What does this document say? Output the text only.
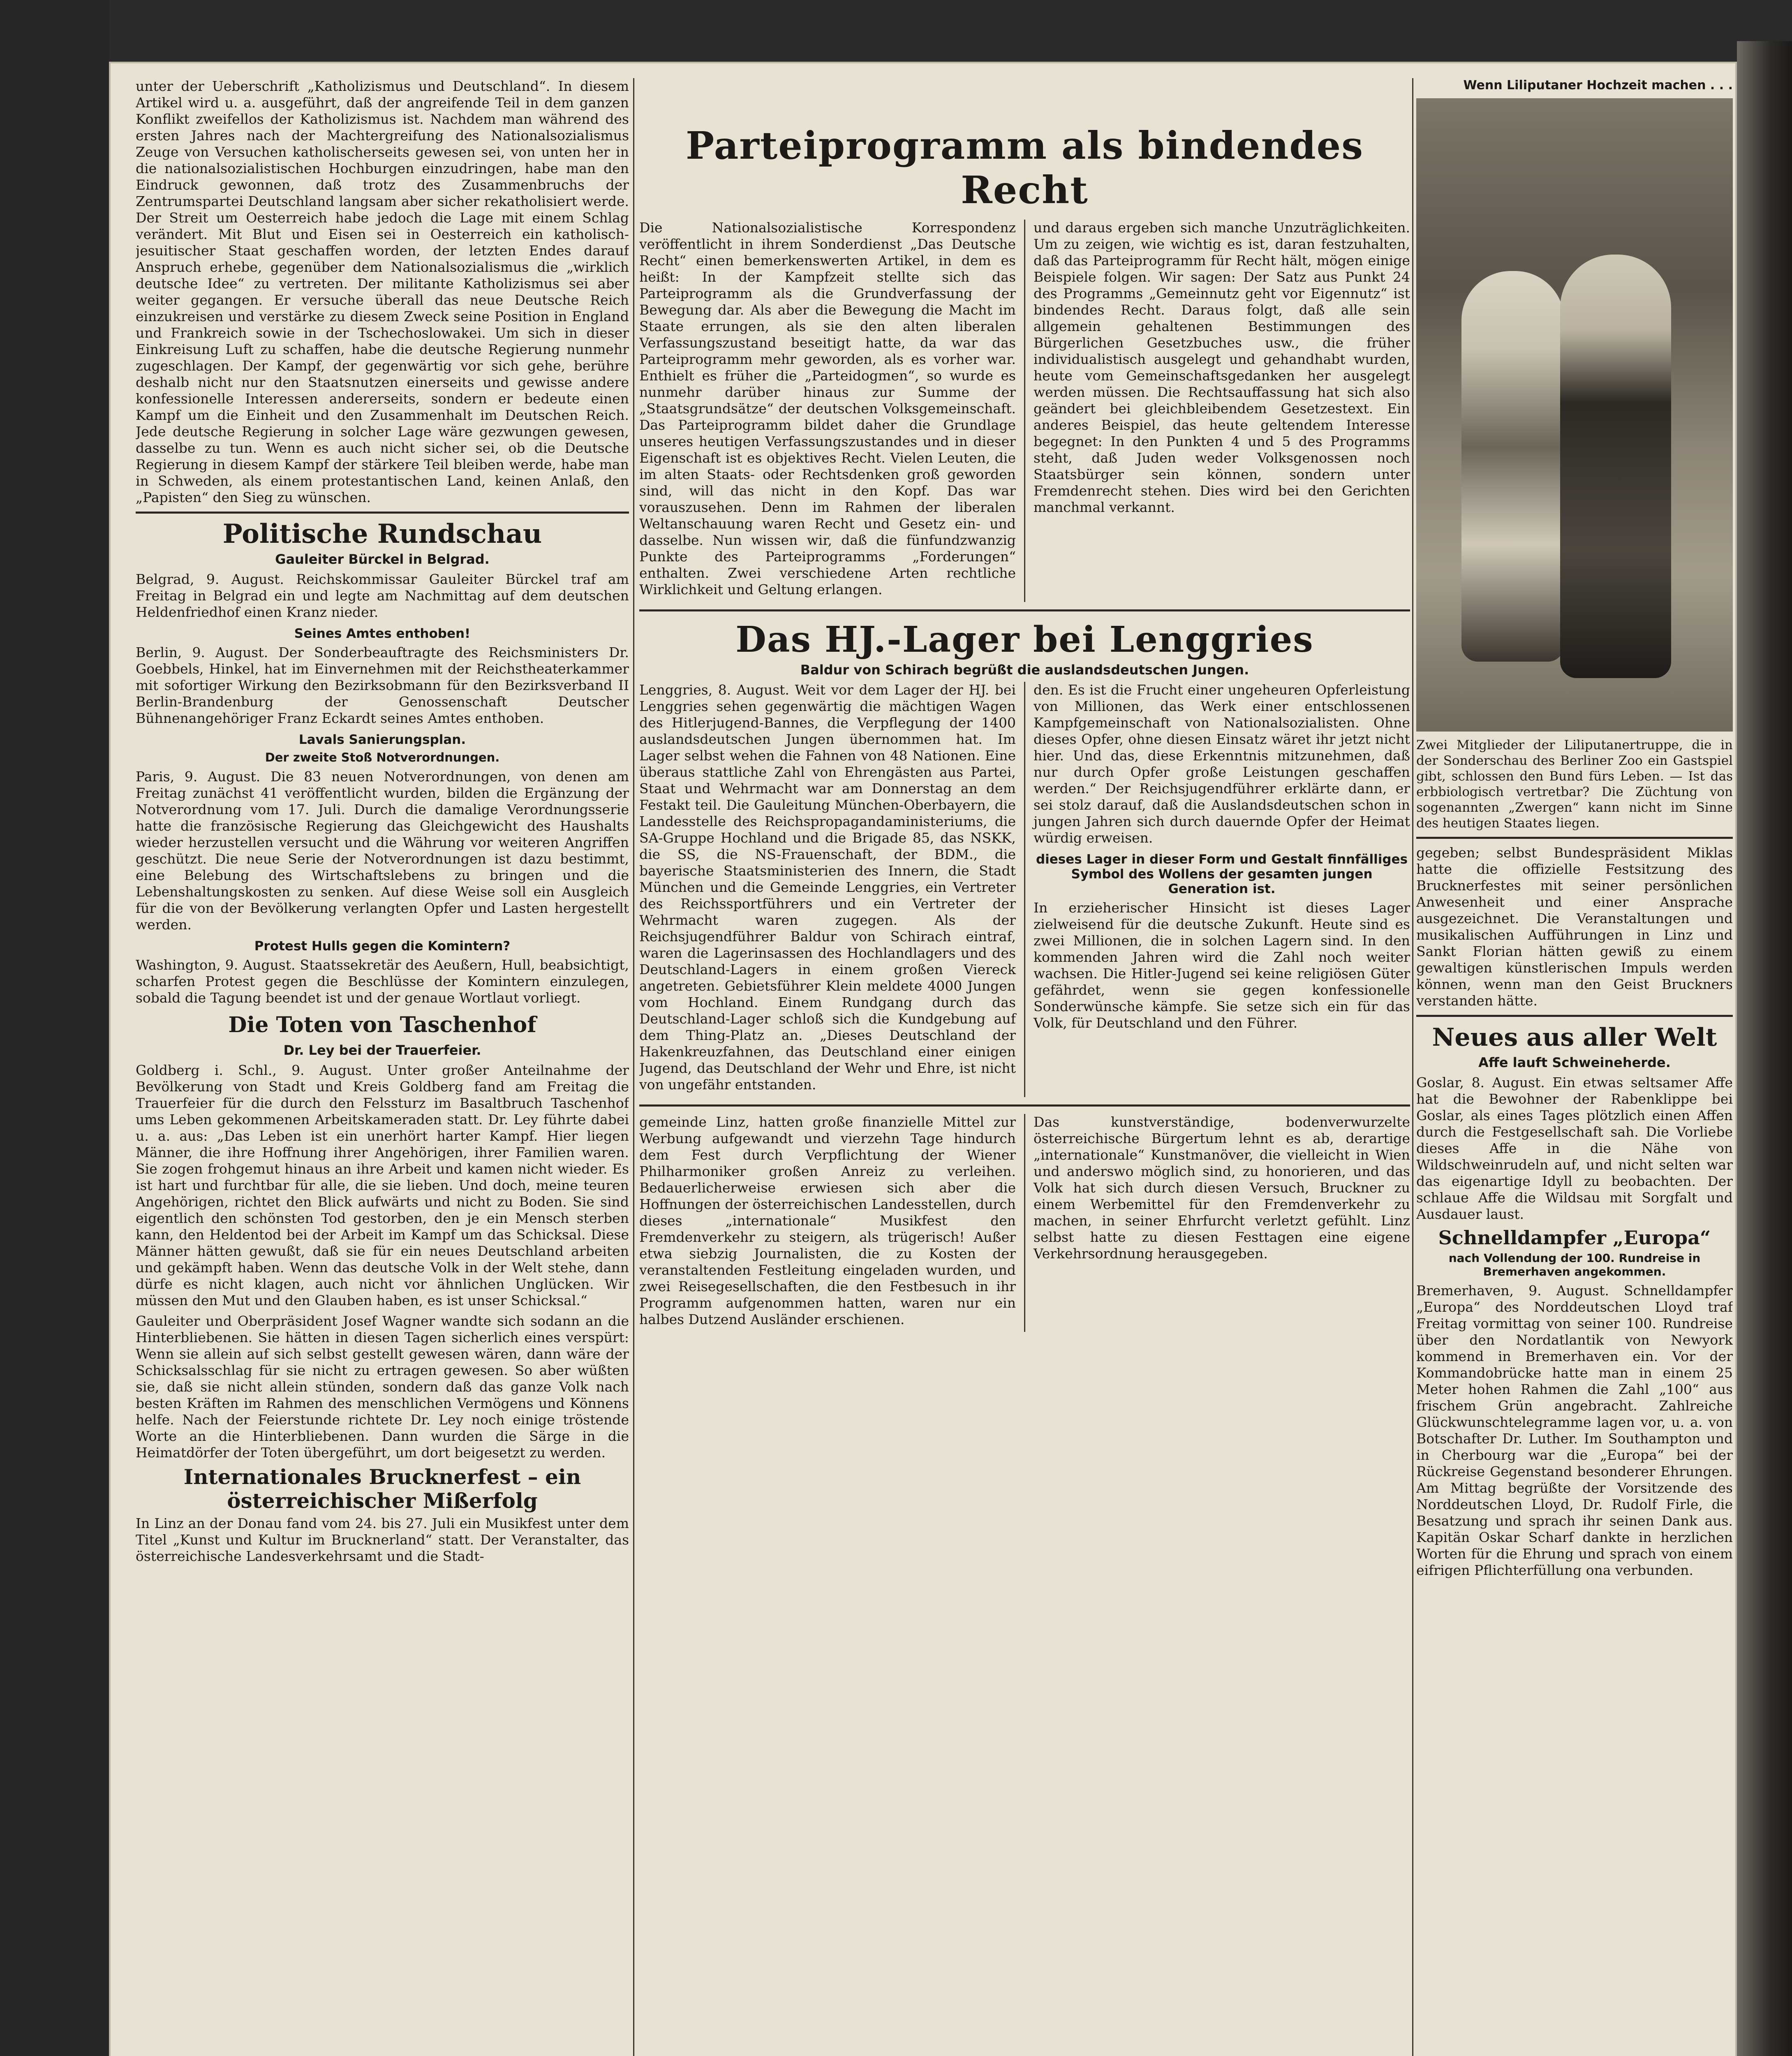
unter der Ueberschrift „Katholizismus und Deutschland“. In diesem Artikel wird u. a. ausgeführt, daß der angreifende Teil in dem ganzen Konflikt zweifellos der Katholizismus ist. Nachdem man während des ersten Jahres nach der Machtergreifung des Nationalsozialismus Zeuge von Versuchen katholischerseits gewesen sei, von unten her in die nationalsozialistischen Hochburgen einzudringen, habe man den Eindruck gewonnen, daß trotz des Zusammenbruchs der Zentrumspartei Deutschland langsam aber sicher rekatholisiert werde. Der Streit um Oesterreich habe jedoch die Lage mit einem Schlag verändert. Mit Blut und Eisen sei in Oesterreich ein katholisch-jesuitischer Staat geschaffen worden, der letzten Endes darauf Anspruch erhebe, gegenüber dem Nationalsozialismus die „wirklich deutsche Idee“ zu vertreten. Der militante Katholizismus sei aber weiter gegangen. Er versuche überall das neue Deutsche Reich einzukreisen und verstärke zu diesem Zweck seine Position in England und Frankreich sowie in der Tschechoslowakei. Um sich in dieser Einkreisung Luft zu schaffen, habe die deutsche Regierung nunmehr zugeschlagen. Der Kampf, der gegenwärtig vor sich gehe, berühre deshalb nicht nur den Staatsnutzen einerseits und gewisse andere konfessionelle Interessen andererseits, sondern er bedeute einen Kampf um die Einheit und den Zusammenhalt im Deutschen Reich. Jede deutsche Regierung in solcher Lage wäre gezwungen gewesen, dasselbe zu tun. Wenn es auch nicht sicher sei, ob die Deutsche Regierung in diesem Kampf der stärkere Teil bleiben werde, habe man in Schweden, als einem protestantischen Land, keinen Anlaß, den „Papisten“ den Sieg zu wünschen.

Politische Rundschau
Gauleiter Bürckel in Belgrad.

Belgrad, 9. August. Reichskommissar Gauleiter Bürckel traf am Freitag in Belgrad ein und legte am Nachmittag auf dem deutschen Heldenfriedhof einen Kranz nieder.

Seines Amtes enthoben!

Berlin, 9. August. Der Sonderbeauftragte des Reichsministers Dr. Goebbels, Hinkel, hat im Einvernehmen mit der Reichstheaterkammer mit sofortiger Wirkung den Bezirksobmann für den Bezirksverband II Berlin-Brandenburg der Genossenschaft Deutscher Bühnenangehöriger Franz Eckardt seines Amtes enthoben.

Lavals Sanierungsplan.
Der zweite Stoß Notverordnungen.

Paris, 9. August. Die 83 neuen Notverordnungen, von denen am Freitag zunächst 41 veröffentlicht wurden, bilden die Ergänzung der Notverordnung vom 17. Juli. Durch die damalige Verordnungsserie hatte die französische Regierung das Gleichgewicht des Haushalts wieder herzustellen versucht und die Währung vor weiteren Angriffen geschützt. Die neue Serie der Notverordnungen ist dazu bestimmt, eine Belebung des Wirtschaftslebens zu bringen und die Lebenshaltungskosten zu senken. Auf diese Weise soll ein Ausgleich für die von der Bevölkerung verlangten Opfer und Lasten hergestellt werden.

Protest Hulls gegen die Komintern?

Washington, 9. August. Staatssekretär des Aeußern, Hull, beabsichtigt, scharfen Protest gegen die Beschlüsse der Komintern einzulegen, sobald die Tagung beendet ist und der genaue Wortlaut vorliegt.

Die Toten von Taschenhof
Dr. Ley bei der Trauerfeier.

Goldberg i. Schl., 9. August. Unter großer Anteilnahme der Bevölkerung von Stadt und Kreis Goldberg fand am Freitag die Trauerfeier für die durch den Felssturz im Basaltbruch Taschenhof ums Leben gekommenen Arbeitskameraden statt. Dr. Ley führte dabei u. a. aus: „Das Leben ist ein unerhört harter Kampf. Hier liegen Männer, die ihre Hoffnung ihrer Angehörigen, ihrer Familien waren. Sie zogen frohgemut hinaus an ihre Arbeit und kamen nicht wieder. Es ist hart und furchtbar für alle, die sie lieben. Und doch, meine teuren Angehörigen, richtet den Blick aufwärts und nicht zu Boden. Sie sind eigentlich den schönsten Tod gestorben, den je ein Mensch sterben kann, den Heldentod bei der Arbeit im Kampf um das Schicksal. Diese Männer hätten gewußt, daß sie für ein neues Deutschland arbeiten und gekämpft haben. Wenn das deutsche Volk in der Welt stehe, dann dürfe es nicht klagen, auch nicht vor ähnlichen Unglücken. Wir müssen den Mut und den Glauben haben, es ist unser Schicksal.“

Gauleiter und Oberpräsident Josef Wagner wandte sich sodann an die Hinterbliebenen. Sie hätten in diesen Tagen sicherlich eines verspürt: Wenn sie allein auf sich selbst gestellt gewesen wären, dann wäre der Schicksalsschlag für sie nicht zu ertragen gewesen. So aber wüßten sie, daß sie nicht allein stünden, sondern daß das ganze Volk nach besten Kräften im Rahmen des menschlichen Vermögens und Könnens helfe. Nach der Feierstunde richtete Dr. Ley noch einige tröstende Worte an die Hinterbliebenen. Dann wurden die Särge in die Heimatdörfer der Toten übergeführt, um dort beigesetzt zu werden.

Internationales Brucknerfest – ein österreichischer Mißerfolg

In Linz an der Donau fand vom 24. bis 27. Juli ein Musikfest unter dem Titel „Kunst und Kultur im Brucknerland“ statt. Der Veranstalter, das österreichische Landesverkehrsamt und die Stadt-

Parteiprogramm als bindendes Recht

Die Nationalsozialistische Korrespondenz veröffentlicht in ihrem Sonderdienst „Das Deutsche Recht“ einen bemerkenswerten Artikel, in dem es heißt: In der Kampfzeit stellte sich das Parteiprogramm als die Grundverfassung der Bewegung dar. Als aber die Bewegung die Macht im Staate errungen, als sie den alten liberalen Verfassungszustand beseitigt hatte, da war das Parteiprogramm mehr geworden, als es vorher war. Enthielt es früher die „Parteidogmen“, so wurde es nunmehr darüber hinaus zur Summe der „Staatsgrundsätze“ der deutschen Volksgemeinschaft. Das Parteiprogramm bildet daher die Grundlage unseres heutigen Verfassungszustandes und in dieser Eigenschaft ist es objektives Recht. Vielen Leuten, die im alten Staats- oder Rechtsdenken groß geworden sind, will das nicht in den Kopf. Das war vorauszusehen. Denn im Rahmen der liberalen Weltanschauung waren Recht und Gesetz ein- und dasselbe. Nun wissen wir, daß die fünfundzwanzig Punkte des Parteiprogramms „Forderungen“ enthalten. Zwei verschiedene Arten rechtliche Wirklichkeit und Geltung erlangen.

und daraus ergeben sich manche Unzuträglichkeiten. Um zu zeigen, wie wichtig es ist, daran festzuhalten, daß das Parteiprogramm für Recht hält, mögen einige Beispiele folgen. Wir sagen: Der Satz aus Punkt 24 des Programms „Gemeinnutz geht vor Eigennutz“ ist bindendes Recht. Daraus folgt, daß alle sein allgemein gehaltenen Bestimmungen des Bürgerlichen Gesetzbuches usw., die früher individualistisch ausgelegt und gehandhabt wurden, heute vom Gemeinschaftsgedanken her ausgelegt werden müssen. Die Rechtsauffassung hat sich also geändert bei gleichbleibendem Gesetzestext. Ein anderes Beispiel, das heute geltendem Interesse begegnet: In den Punkten 4 und 5 des Programms steht, daß Juden weder Volksgenossen noch Staatsbürger sein können, sondern unter Fremdenrecht stehen. Dies wird bei den Gerichten manchmal verkannt.

Das HJ.-Lager bei Lenggries
Baldur von Schirach begrüßt die auslandsdeutschen Jungen.

Lenggries, 8. August. Weit vor dem Lager der HJ. bei Lenggries sehen gegenwärtig die mächtigen Wagen des Hitlerjugend-Bannes, die Verpflegung der 1400 auslandsdeutschen Jungen übernommen hat. Im Lager selbst wehen die Fahnen von 48 Nationen. Eine überaus stattliche Zahl von Ehrengästen aus Partei, Staat und Wehrmacht war am Donnerstag an dem Festakt teil. Die Gauleitung München-Oberbayern, die Landesstelle des Reichspropagandaministeriums, die SA-Gruppe Hochland und die Brigade 85, das NSKK, die SS, die NS-Frauenschaft, der BDM., die bayerische Staatsministerien des Innern, die Stadt München und die Gemeinde Lenggries, ein Vertreter des Reichssportführers und ein Vertreter der Wehrmacht waren zugegen. Als der Reichsjugendführer Baldur von Schirach eintraf, waren die Lagerinsassen des Hochlandlagers und des Deutschland-Lagers in einem großen Viereck angetreten. Gebietsführer Klein meldete 4000 Jungen vom Hochland. Einem Rundgang durch das Deutschland-Lager schloß sich die Kundgebung auf dem Thing-Platz an. „Dieses Deutschland der Hakenkreuzfahnen, das Deutschland einer einigen Jugend, das Deutschland der Wehr und Ehre, ist nicht von ungefähr entstanden.

den. Es ist die Frucht einer ungeheuren Opferleistung von Millionen, das Werk einer entschlossenen Kampfgemeinschaft von Nationalsozialisten. Ohne dieses Opfer, ohne diesen Einsatz wäret ihr jetzt nicht hier. Und das, diese Erkenntnis mitzunehmen, daß nur durch Opfer große Leistungen geschaffen werden.“ Der Reichsjugendführer erklärte dann, er sei stolz darauf, daß die Auslandsdeutschen schon in jungen Jahren sich durch dauernde Opfer der Heimat würdig erweisen.

dieses Lager in dieser Form und Gestalt finnfälliges Symbol des Wollens der gesamten jungen Generation ist.

In erzieherischer Hinsicht ist dieses Lager zielweisend für die deutsche Zukunft. Heute sind es zwei Millionen, die in solchen Lagern sind. In den kommenden Jahren wird die Zahl noch weiter wachsen. Die Hitler-Jugend sei keine religiösen Güter gefährdet, wenn sie gegen konfessionelle Sonderwünsche kämpfe. Sie setze sich ein für das Volk, für Deutschland und den Führer.

gemeinde Linz, hatten große finanzielle Mittel zur Werbung aufgewandt und vierzehn Tage hindurch dem Fest durch Verpflichtung der Wiener Philharmoniker großen Anreiz zu verleihen. Bedauerlicherweise erwiesen sich aber die Hoffnungen der österreichischen Landesstellen, durch dieses „internationale“ Musikfest den Fremdenverkehr zu steigern, als trügerisch! Außer etwa siebzig Journalisten, die zu Kosten der veranstaltenden Festleitung eingeladen wurden, und zwei Reisegesellschaften, die den Festbesuch in ihr Programm aufgenommen hatten, waren nur ein halbes Dutzend Ausländer erschienen.

Das kunstverständige, bodenverwurzelte österreichische Bürgertum lehnt es ab, derartige „internationale“ Kunstmanöver, die vielleicht in Wien und anderswo möglich sind, zu honorieren, und das Volk hat sich durch diesen Versuch, Bruckner zu einem Werbemittel für den Fremdenverkehr zu machen, in seiner Ehrfurcht verletzt gefühlt. Linz selbst hatte zu diesen Festtagen eine eigene Verkehrsordnung herausgegeben.

Wenn Liliputaner Hochzeit machen . . .

Zwei Mitglieder der Liliputanertruppe, die in der Sonderschau des Berliner Zoo ein Gastspiel gibt, schlossen den Bund fürs Leben. — Ist das erbbiologisch vertretbar? Die Züchtung von sogenannten „Zwergen“ kann nicht im Sinne des heutigen Staates liegen.

gegeben; selbst Bundespräsident Miklas hatte die offizielle Festsitzung des Brucknerfestes mit seiner persönlichen Anwesenheit und einer Ansprache ausgezeichnet. Die Veranstaltungen und musikalischen Aufführungen in Linz und Sankt Florian hätten gewiß zu einem gewaltigen künstlerischen Impuls werden können, wenn man den Geist Bruckners verstanden hätte.

Neues aus aller Welt
Affe lauft Schweineherde.

Goslar, 8. August. Ein etwas seltsamer Affe hat die Bewohner der Rabenklippe bei Goslar, als eines Tages plötzlich einen Affen durch die Festgesellschaft sah. Die Vorliebe dieses Affe in die Nähe von Wildschweinrudeln auf, und nicht selten war das eigenartige Idyll zu beobachten. Der schlaue Affe die Wildsau mit Sorgfalt und Ausdauer laust.

Schnelldampfer „Europa“
nach Vollendung der 100. Rundreise in Bremerhaven angekommen.

Bremerhaven, 9. August. Schnelldampfer „Europa“ des Norddeutschen Lloyd traf Freitag vormittag von seiner 100. Rundreise über den Nordatlantik von Newyork kommend in Bremerhaven ein. Vor der Kommandobrücke hatte man in einem 25 Meter hohen Rahmen die Zahl „100“ aus frischem Grün angebracht. Zahlreiche Glückwunschtelegramme lagen vor, u. a. von Botschafter Dr. Luther. Im Southampton und in Cherbourg war die „Europa“ bei der Rückreise Gegenstand besonderer Ehrungen. Am Mittag begrüßte der Vorsitzende des Norddeutschen Lloyd, Dr. Rudolf Firle, die Besatzung und sprach ihr seinen Dank aus. Kapitän Oskar Scharf dankte in herzlichen Worten für die Ehrung und sprach von einem eifrigen Pflichterfüllung ona verbunden.
